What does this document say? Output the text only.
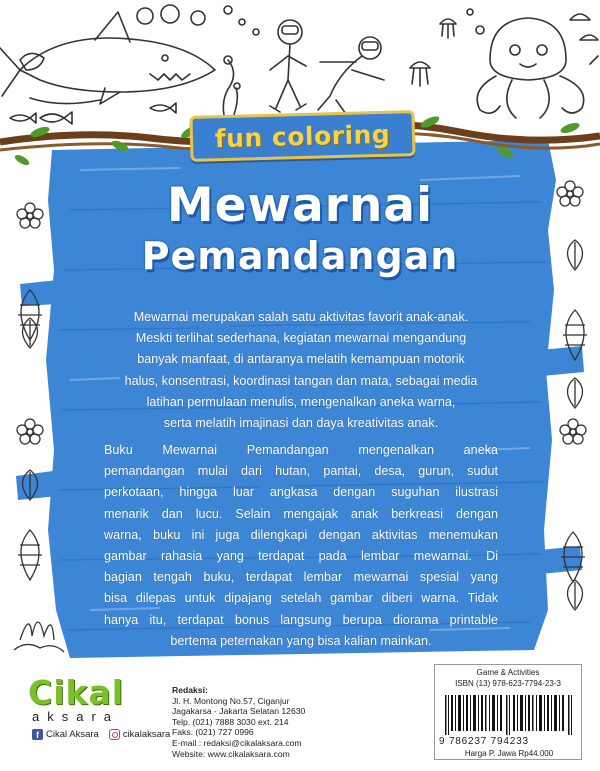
fun coloring
Mewarnai
Pemandangan
Mewarnai merupakan salah satu aktivitas favorit anak-anak.
Meskti terlihat sederhana, kegiatan mewarnai mengandung
banyak manfaat, di antaranya melatih kemampuan motorik
halus, konsentrasi, koordinasi tangan dan mata, sebagai media
latihan permulaan menulis, mengenalkan aneka warna,
serta melatih imajinasi dan daya kreativitas anak.
Buku Mewarnai Pemandangan mengenalkan aneka
pemandangan mulai dari hutan, pantai, desa, gurun, sudut
perkotaan, hingga luar angkasa dengan suguhan ilustrasi
menarik dan lucu. Selain mengajak anak berkreasi dengan
warna, buku ini juga dilengkapi dengan aktivitas menemukan
gambar rahasia yang terdapat pada lembar mewarnai. Di
bagian tengah buku, terdapat lembar mewarnai spesial yang
bisa dilepas untuk dipajang setelah gambar diberi warna. Tidak
hanya itu, terdapat bonus langsung berupa diorama printable
bertema peternakan yang bisa kalian mainkan.
Cikal
aksara
f Cikal Aksara	cikalaksara
Redaksi:
Jl. H. Montong No.57, Ciganjur
Jagakarsa - Jakarta Selatan 12630
Telp. (021) 7888 3030 ext. 214
Faks. (021) 727 0996
E-mail : redaksi@cikalaksara.com
Website: www.cikalaksara.com
Game & Activities
ISBN (13) 978-623-7794-23-3
9 786237 794233
Harga P. Jawa Rp44.000
